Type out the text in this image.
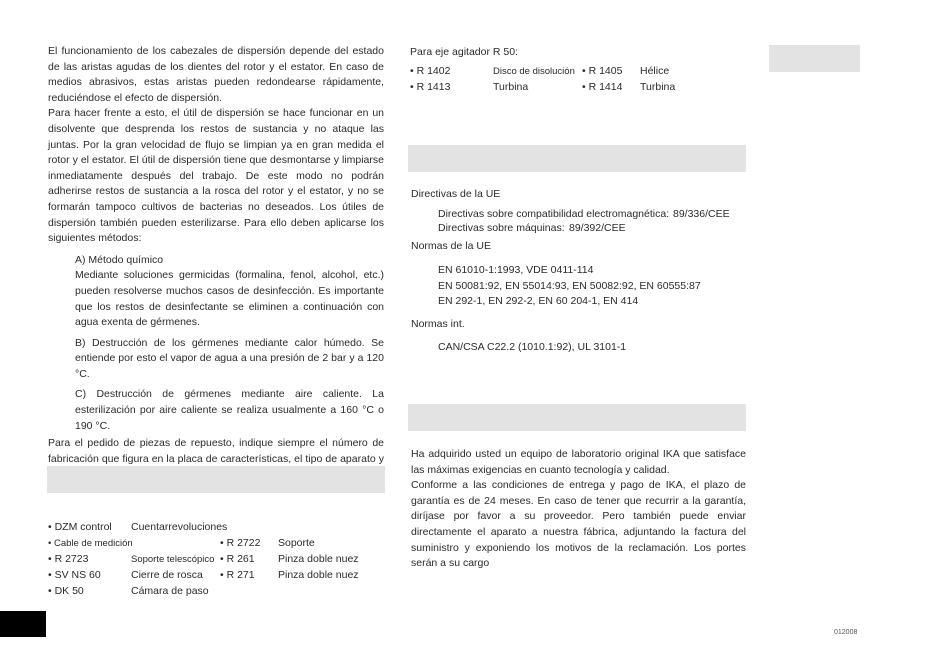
El funcionamiento de los cabezales de dispersión depende del estado de las aristas agudas de los dientes del rotor y el estator. En caso de medios abrasivos, estas aristas pueden redondearse rápidamente, reduciéndose el efecto de dispersión.

Para hacer frente a esto, el útil de dispersión se hace funcionar en un disolvente que desprenda los restos de sustancia y no ataque las juntas. Por la gran velocidad de flujo se limpian ya en gran medida el rotor y el estator. El útil de dispersión tiene que desmontarse y limpiarse inmediatamente después del trabajo. De este modo no podrán adherirse restos de sustancia a la rosca del rotor y el estator, y no se formarán tampoco cultivos de bacterias no deseados. Los útiles de dispersión también pueden esterilizarse. Para ello deben aplicarse los siguientes métodos:

A) Método químico
Mediante soluciones germicidas (formalina, fenol, alcohol, etc.) pueden resolverse muchos casos de desinfección. Es importante que los restos de desinfectante se eliminen a continuación con agua exenta de gérmenes.
B) Destrucción de los gérmenes mediante calor húmedo. Se entiende por esto el vapor de agua a una presión de 2 bar y a 120 °C.
C) Destrucción de gérmenes mediante aire caliente. La esterilización por aire caliente se realiza usualmente a 160 °C o 190 °C.

Para el pedido de piezas de repuesto, indique siempre el número de fabricación que figura en la placa de características, el tipo de aparato y

• DZM control Cuentarrevoluciones
• Cable de medición	• R 2722 Soporte
• R 2723	Soporte telescópico • R 261 Pinza doble nuez
• SV NS 60	Cierre de rosca • R 271 Pinza doble nuez
• DK 50	Cámara de paso
Para eje agitador R 50:
• R 1402	Disco de disolución • R 1405 Hélice
• R 1413	Turbina	• R 1414 Turbina
Directivas de la UE
Directivas sobre compatibilidad electromagnética: 89/336/CEE
Directivas sobre máquinas: 89/392/CEE
Normas de la UE
EN 61010-1:1993, VDE 0411-114
EN 50081:92, EN 55014:93, EN 50082:92, EN 60555:87
EN 292-1, EN 292-2, EN 60 204-1, EN 414
Normas int.
CAN/CSA C22.2 (1010.1:92), UL 3101-1

Ha adquirido usted un equipo de laboratorio original IKA que satisface las máximas exigencias en cuanto tecnología y calidad.

Conforme a las condiciones de entrega y pago de IKA, el plazo de garantía es de 24 meses. En caso de tener que recurrir a la garantía, diríjase por favor a su proveedor. Pero también puede enviar directamente el aparato a nuestra fábrica, adjuntando la factura del suministro y exponiendo los motivos de la reclamación. Los portes serán a su cargo

012008
